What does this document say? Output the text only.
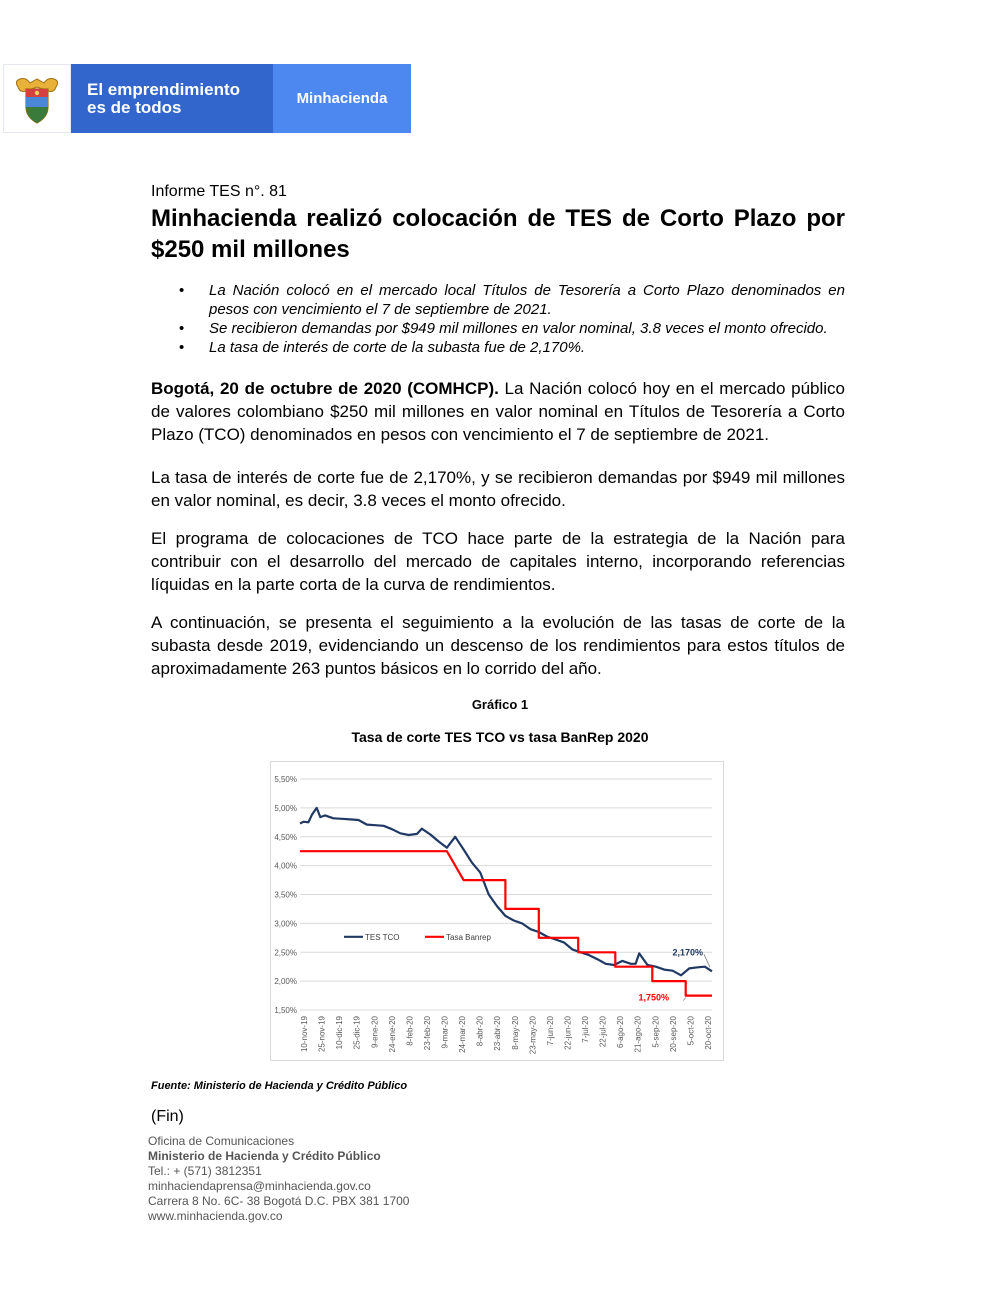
El emprendimiento
es de todos	Minhacienda
Informe TES n°. 81
Minhacienda realizó colocación de TES de Corto Plazo por $250 mil millones
• La Nación colocó en el mercado local Títulos de Tesorería a Corto Plazo denominados en pesos con vencimiento el 7 de septiembre de 2021.
• Se recibieron demandas por $949 mil millones en valor nominal, 3.8 veces el monto ofrecido.
• La tasa de interés de corte de la subasta fue de 2,170%.

Bogotá, 20 de octubre de 2020 (COMHCP). La Nación colocó hoy en el mercado público de valores colombiano $250 mil millones en valor nominal en Títulos de Tesorería a Corto Plazo (TCO) denominados en pesos con vencimiento el 7 de septiembre de 2021.

La tasa de interés de corte fue de 2,170%, y se recibieron demandas por $949 mil millones en valor nominal, es decir, 3.8 veces el monto ofrecido.

El programa de colocaciones de TCO hace parte de la estrategia de la Nación para contribuir con el desarrollo del mercado de capitales interno, incorporando referencias líquidas en la parte corta de la curva de rendimientos.

A continuación, se presenta el seguimiento a la evolución de las tasas de corte de la subasta desde 2019, evidenciando un descenso de los rendimientos para estos títulos de aproximadamente 263 puntos básicos en lo corrido del año.

Gráfico 1
Tasa de corte TES TCO vs tasa BanRep 2020
1,50%
2,00%
2,50%
3,00%
3,50%
4,00%
4,50%
5,00%
5,50%
10-nov-19 25-nov-19 10-dic-19 25-dic-19 9-ene-20 24-ene-20 8-feb-20 23-feb-20 9-mar-20 24-mar-20 8-abr-20 23-abr-20 8-may-20 23-may-20 7-jun-20 22-jun-20 7-jul-20 22-jul-20 6-ago-20 21-ago-20 5-sep-20 20-sep-20 5-oct-20 20-oct-20
TES TCO	Tasa Banrep
2,170%
1,750%
Fuente: Ministerio de Hacienda y Crédito Público
(Fin)
Oficina de Comunicaciones
Ministerio de Hacienda y Crédito Público
Tel.: + (571) 3812351
minhaciendaprensa@minhacienda.gov.co
Carrera 8 No. 6C- 38 Bogotá D.C. PBX 381 1700
www.minhacienda.gov.co
